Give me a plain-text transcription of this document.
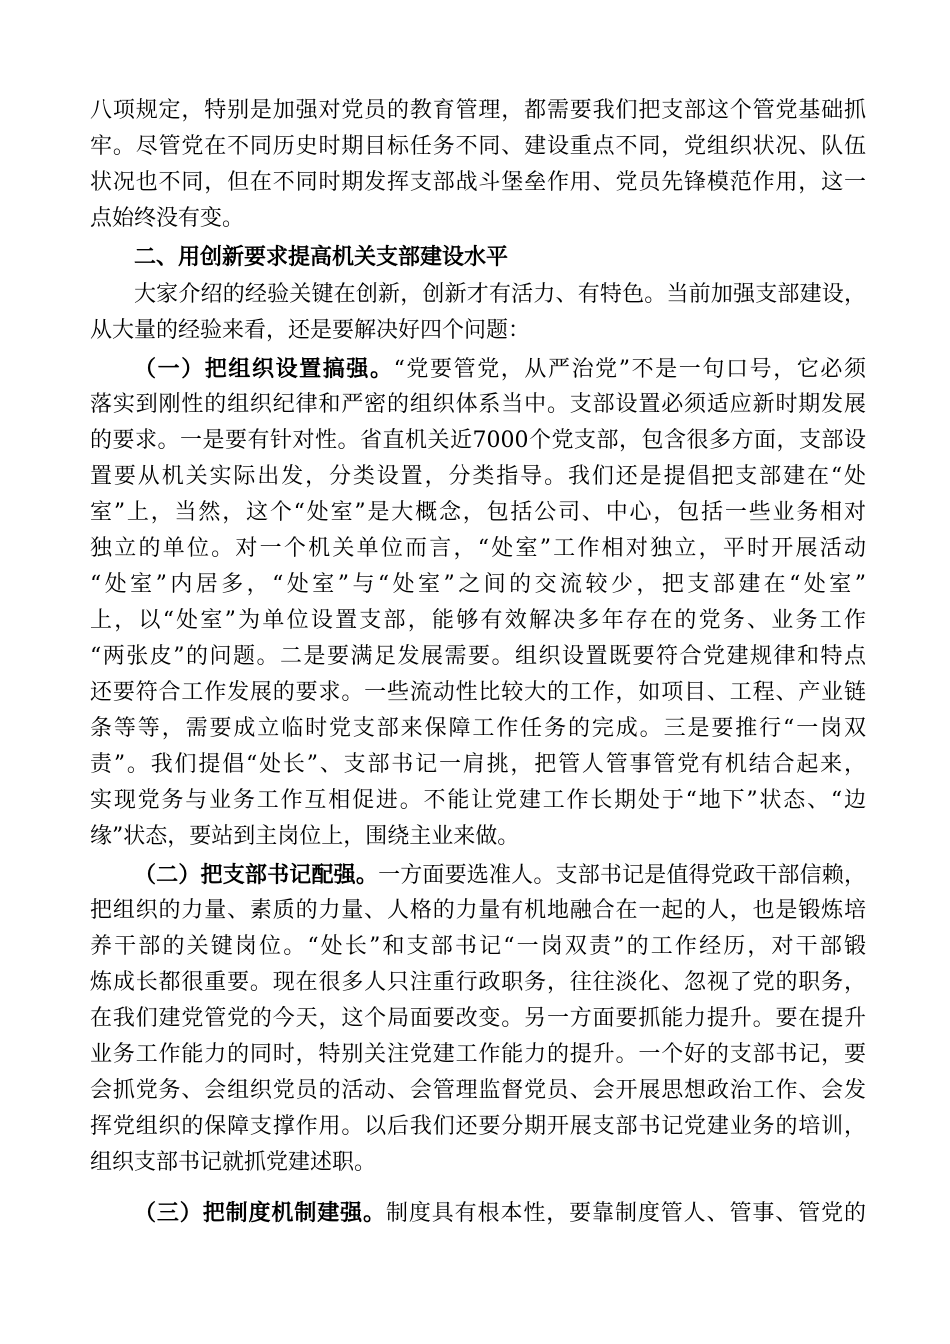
八项规定，特别是加强对党员的教育管理，都需要我们把支部这个管党基础抓
牢。尽管党在不同历史时期目标任务不同、建设重点不同，党组织状况、队伍
状况也不同，但在不同时期发挥支部战斗堡垒作用、党员先锋模范作用，这一
点始终没有变。
二、用创新要求提高机关支部建设水平
大家介绍的经验关键在创新，创新才有活力、有特色。当前加强支部建设，
从大量的经验来看，还是要解决好四个问题：
（一）把组织设置搞强。“党要管党，从严治党”不是一句口号，它必须
落实到刚性的组织纪律和严密的组织体系当中。支部设置必须适应新时期发展
的要求。一是要有针对性。省直机关近7000个党支部，包含很多方面，支部设
置要从机关实际出发，分类设置，分类指导。我们还是提倡把支部建在“处
室”上，当然，这个“处室”是大概念，包括公司、中心，包括一些业务相对
独立的单位。对一个机关单位而言，“处室”工作相对独立，平时开展活动
“处室”内居多，“处室”与“处室”之间的交流较少，把支部建在“处室”
上，以“处室”为单位设置支部，能够有效解决多年存在的党务、业务工作
“两张皮”的问题。二是要满足发展需要。组织设置既要符合党建规律和特点
还要符合工作发展的要求。一些流动性比较大的工作，如项目、工程、产业链
条等等，需要成立临时党支部来保障工作任务的完成。三是要推行“一岗双
责”。我们提倡“处长”、支部书记一肩挑，把管人管事管党有机结合起来，
实现党务与业务工作互相促进。不能让党建工作长期处于“地下”状态、“边
缘”状态，要站到主岗位上，围绕主业来做。
（二）把支部书记配强。一方面要选准人。支部书记是值得党政干部信赖，
把组织的力量、素质的力量、人格的力量有机地融合在一起的人，也是锻炼培
养干部的关键岗位。“处长”和支部书记“一岗双责”的工作经历，对干部锻
炼成长都很重要。现在很多人只注重行政职务，往往淡化、忽视了党的职务，
在我们建党管党的今天，这个局面要改变。另一方面要抓能力提升。要在提升
业务工作能力的同时，特别关注党建工作能力的提升。一个好的支部书记，要
会抓党务、会组织党员的活动、会管理监督党员、会开展思想政治工作、会发
挥党组织的保障支撑作用。以后我们还要分期开展支部书记党建业务的培训，
组织支部书记就抓党建述职。
（三）把制度机制建强。制度具有根本性，要靠制度管人、管事、管党的
